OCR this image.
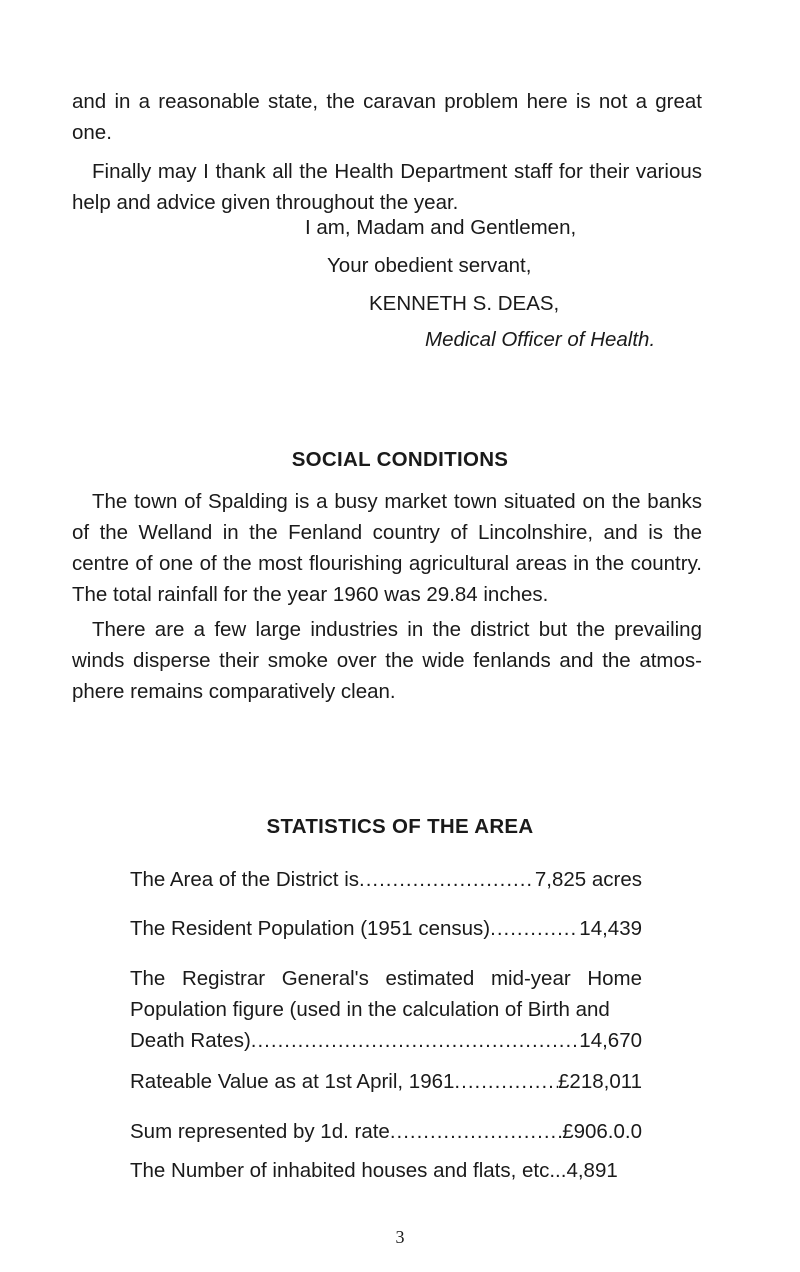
and in a reasonable state, the caravan problem here is not a great one.

Finally may I thank all the Health Department staff for their various help and advice given throughout the year.

I am, Madam and Gentlemen,

Your obedient servant,

KENNETH S. DEAS,

Medical Officer of Health.

SOCIAL CONDITIONS

The town of Spalding is a busy market town situated on the banks of the Welland in the Fenland country of Lincolnshire, and is the centre of one of the most flourishing agricultural areas in the country. The total rainfall for the year 1960 was 29.84 inches.

There are a few large industries in the district but the prevailing winds disperse their smoke over the wide fenlands and the atmos- phere remains comparatively clean.

STATISTICS OF THE AREA
The Area of the District is .....	7,825 acres
The Resident Population (1951 census) .....	14,439
The Registrar General's estimated mid-year Home Population figure (used in the calculation of Birth and
Death Rates) .....	14,670
Rateable Value as at 1st April, 1961 .....	£218,011
Sum represented by 1d. rate .....	£906.0.0
The Number of inhabited houses and flats, etc ... 4,891
3
